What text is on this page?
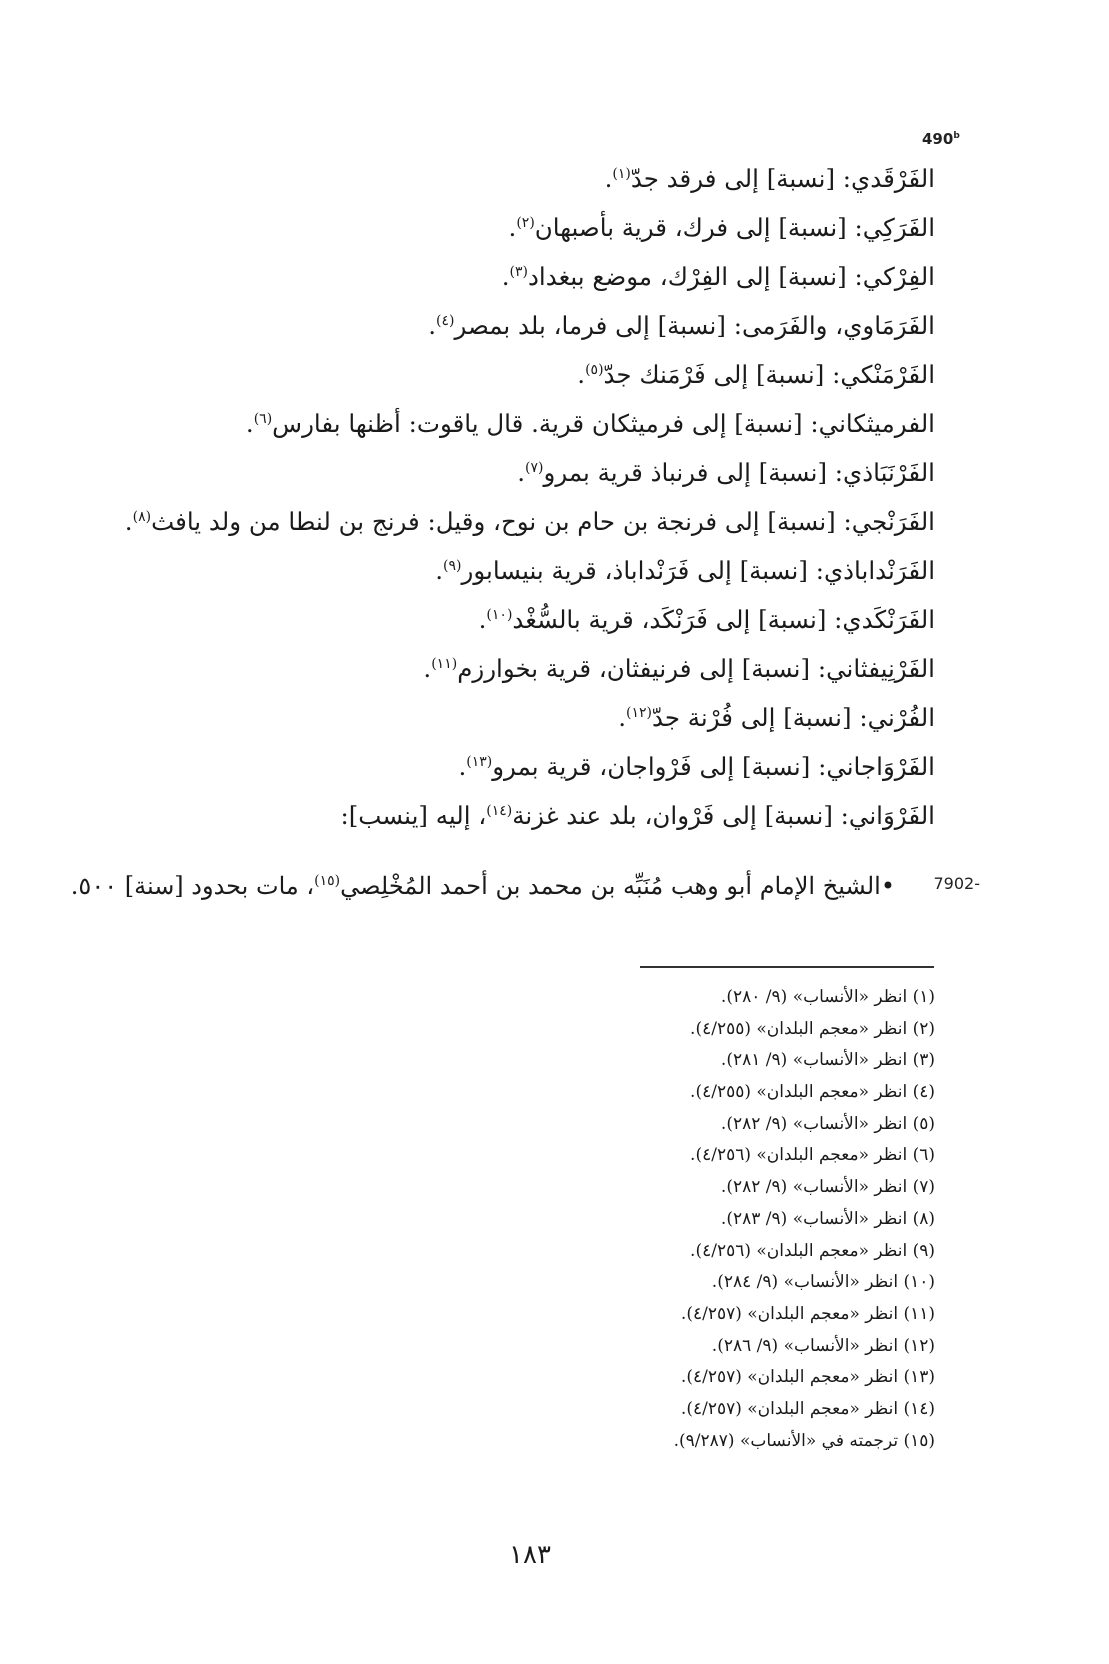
490$^b$
الفَرْقَدي: [نسبة] إلى فرقد جدّ$^{(١)}$.
الفَرَكِي: [نسبة] إلى فرك، قرية بأصبهان$^{(٢)}$.
الفِرْكي: [نسبة] إلى الفِرْك، موضع ببغداد$^{(٣)}$.
الفَرَمَاوي، والفَرَمى: [نسبة] إلى فرما، بلد بمصر$^{(٤)}$.
الفَرْمَنْكي: [نسبة] إلى فَرْمَنك جدّ$^{(٥)}$.
الفرميثكاني: [نسبة] إلى فرميثكان قرية. قال ياقوت: أظنها بفارس$^{(٦)}$.
الفَرْنَبَاذي: [نسبة] إلى فرنباذ قرية بمرو$^{(٧)}$.
الفَرَنْجي: [نسبة] إلى فرنجة بن حام بن نوح، وقيل: فرنج بن لنطا من ولد يافث$^{(٨)}$.
الفَرَنْداباذي: [نسبة] إلى فَرَنْداباذ، قرية بنيسابور$^{(٩)}$.
الفَرَنْكَدي: [نسبة] إلى فَرَنْكَد، قرية بالسُّغْد$^{(١٠)}$.
الفَرْنِيفثاني: [نسبة] إلى فرنيفثان، قرية بخوارزم$^{(١١)}$.
الفُرْني: [نسبة] إلى فُرْنة جدّ$^{(١٢)}$.
الفَرْوَاجاني: [نسبة] إلى فَرْواجان، قرية بمرو$^{(١٣)}$.
الفَرْوَاني: [نسبة] إلى فَرْوان، بلد عند غزنة$^{(١٤)}$، إليه [ينسب]:
7902-
•الشيخ الإمام أبو وهب مُنَبِّه بن محمد بن أحمد المُخْلِصي$^{(١٥)}$، مات بحدود [سنة] ٥٠٠.
(١) انظر «الأنساب» (٩/ ٢٨٠).
(٢) انظر «معجم البلدان» (٤/٢٥٥).
(٣) انظر «الأنساب» (٩/ ٢٨١).
(٤) انظر «معجم البلدان» (٤/٢٥٥).
(٥) انظر «الأنساب» (٩/ ٢٨٢).
(٦) انظر «معجم البلدان» (٤/٢٥٦).
(٧) انظر «الأنساب» (٩/ ٢٨٢).
(٨) انظر «الأنساب» (٩/ ٢٨٣).
(٩) انظر «معجم البلدان» (٤/٢٥٦).
(١٠) انظر «الأنساب» (٩/ ٢٨٤).
(١١) انظر «معجم البلدان» (٤/٢٥٧).
(١٢) انظر «الأنساب» (٩/ ٢٨٦).
(١٣) انظر «معجم البلدان» (٤/٢٥٧).
(١٤) انظر «معجم البلدان» (٤/٢٥٧).
(١٥) ترجمته في «الأنساب» (٩/٢٨٧).
١٨٣
